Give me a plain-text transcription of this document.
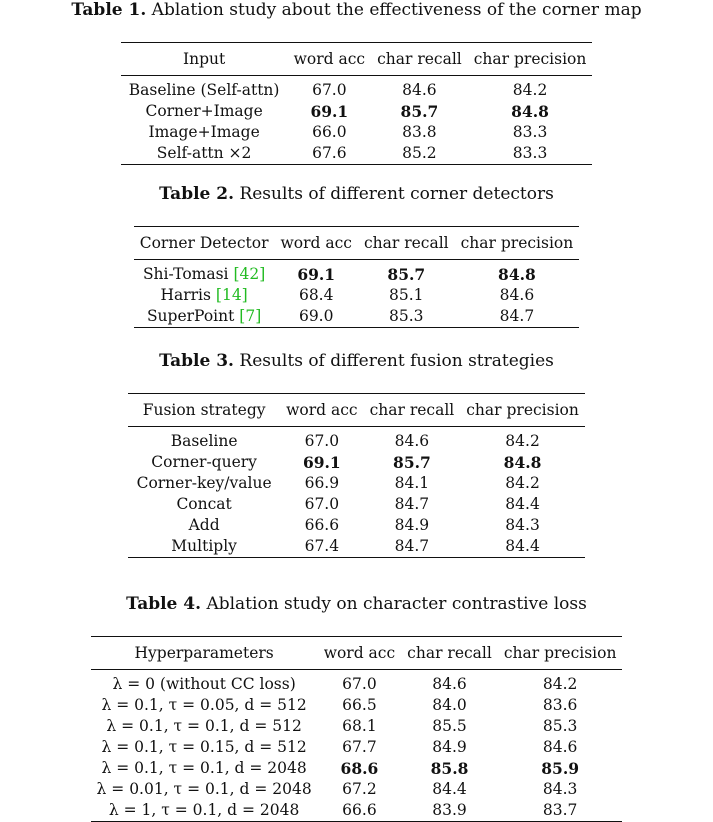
Table 1. Ablation study about the effectiveness of the corner map
Input	word acc	char recall	char precision
Baseline (Self-attn)	67.0	84.6	84.2
Corner+Image	69.1	85.7	84.8
Image+Image	66.0	83.8	83.3
Self-attn ×2	67.6	85.2	83.3
Table 2. Results of different corner detectors
Corner Detector	word acc	char recall	char precision
Shi-Tomasi [42]	69.1	85.7	84.8
Harris [14]	68.4	85.1	84.6
SuperPoint [7]	69.0	85.3	84.7
Table 3. Results of different fusion strategies
Fusion strategy	word acc	char recall	char precision
Baseline	67.0	84.6	84.2
Corner-query	69.1	85.7	84.8
Corner-key/value	66.9	84.1	84.2
Concat	67.0	84.7	84.4
Add	66.6	84.9	84.3
Multiply	67.4	84.7	84.4
Table 4. Ablation study on character contrastive loss
Hyperparameters	word acc	char recall	char precision
λ = 0 (without CC loss)	67.0	84.6	84.2
λ = 0.1, τ = 0.05, d = 512	66.5	84.0	83.6
λ = 0.1, τ = 0.1, d = 512	68.1	85.5	85.3
λ = 0.1, τ = 0.15, d = 512	67.7	84.9	84.6
λ = 0.1, τ = 0.1, d = 2048	68.6	85.8	85.9
λ = 0.01, τ = 0.1, d = 2048	67.2	84.4	84.3
λ = 1, τ = 0.1, d = 2048	66.6	83.9	83.7
